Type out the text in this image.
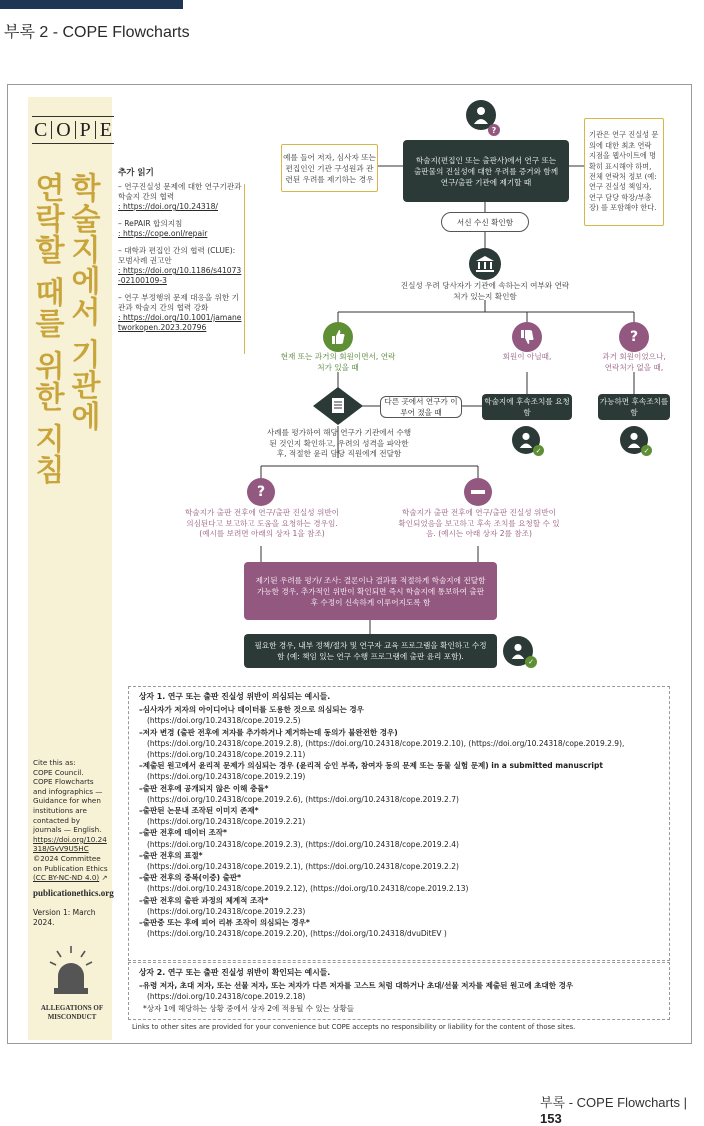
부록 2 - COPE Flowcharts
C O P E
학술지에서 기관에
연락할 때를 위한 지침
Cite this as:
COPE Council.
COPE Flowcharts
and infographics —
Guidance for when
institutions are
contacted by
journals — English.
https://doi.org/10.24318/GvV9U5HC
©2024 Committee on Publication Ethics
(CC BY-NC-ND 4.0) ↗
publicationethics.org
Version 1: March 2024.
ALLEGATIONS OF MISCONDUCT
추가 읽기
– 연구진실성 문제에 대한 연구기관과 학술지 간의 협력
: https://doi.org/10.24318/
– RePAIR 합의지침
: https://cope.onl/repair
– 대학과 편집인 간의 협력 (CLUE): 모범사례 권고안
: https://doi.org/10.1186/s41073-02100109-3
– 연구 부정행위 문제 대응을 위한 기관과 학술지 간의 협력 강화
: https://doi.org/10.1001/jamanetworkopen.2023.20796
?
예를 들어 저자, 심사자 또는 편집인인 기관 구성원과 관련된 우려를 제기하는 경우
학술지(편집인 또는 출판사)에서 연구 또는 출판물의 진실성에 대한 우려를 증거와 함께 연구/출판 기관에 제기할 때
기관은 연구 진실성 문의에 대한 최초 연락 지점을 웹사이트에 명확히 표시해야 하며, 전체 연락처 정보 (예: 연구 진실성 책임자, 연구 담당 학장/부총장) 를 포함해야 한다.
서신 수신 확인함
진실성 우려 당사자가 기관에 속하는지 여부와 연락처가 있는지 확인함
?
현재 또는 과거의 회원이면서, 연락처가 있을 때
회원이 아닐때,	과거 회원이었으나, 연락처가 없을 때,
다른 곳에서 연구가 이루어 졌을 때
학술지에 후속조치를 요청함
가능하면 후속조치를 함
✓	✓
사례를 평가하여 해당 연구가 기관에서 수행된 것인지 확인하고, 우려의 성격을 파악한 후, 적절한 윤리 담당 직원에게 전달함
?
학술지가 출판 전후에 연구/출판 진실성 위반이 의심된다고 보고하고 도움을 요청하는 경우임. (예시를 보려면 아래의 상자 1을 참조)
학술지가 출판 전후에 연구/출판 진실성 위반이 확인되었음을 보고하고 후속 조치를 요청할 수 있음. (예시는 아래 상자 2를 참조)
제기된 우려를 평가/ 조사: 결론이나 결과를 적절하게 학술지에 전달함 가능한 경우, 추가적인 위반이 확인되면 즉시 학술지에 통보하여 출판 후 수정이 신속하게 이루어지도록 함
필요한 경우, 내부 정책/절차 및 연구자 교육 프로그램을 확인하고 수정함 (예: 책임 있는 연구 수행 프로그램에 출판 윤리 포함).
✓
상자 1. 연구 또는 출판 진실성 위반이 의심되는 예시들.
–심사자가 저자의 아이디어나 데이터를 도용한 것으로 의심되는 경우
(https://doi.org/10.24318/cope.2019.2.5)
–저자 변경 (출판 전후에 저자를 추가하거나 제거하는데 동의가 불완전한 경우)
(https://doi.org/10.24318/cope.2019.2.8), (https://doi.org/10.24318/cope.2019.2.10), (https://doi.org/10.24318/cope.2019.2.9), (https://doi.org/10.24318/cope.2019.2.11)
–제출된 원고에서 윤리적 문제가 의심되는 경우 (윤리적 승인 부족, 참여자 동의 문제 또는 동물 실험 문제) in a submitted manuscript
(https://doi.org/10.24318/cope.2019.2.19)
–출판 전후에 공개되지 않은 이해 충돌*
(https://doi.org/10.24318/cope.2019.2.6), (https://doi.org/10.24318/cope.2019.2.7)
–출판된 논문내 조작된 이미지 존재*
(https://doi.org/10.24318/cope.2019.2.21)
–출판 전후에 데이터 조작*
(https://doi.org/10.24318/cope.2019.2.3), (https://doi.org/10.24318/cope.2019.2.4)
–출판 전후의 표절*
(https://doi.org/10.24318/cope.2019.2.1), (https://doi.org/10.24318/cope.2019.2.2)
–출판 전후의 중복(이중) 출판*
(https://doi.org/10.24318/cope.2019.2.12), (https://doi.org/10.24318/cope.2019.2.13)
–출판 전후의 출판 과정의 체계적 조작*
(https://doi.org/10.24318/cope.2019.2.23)
–출판중 또는 후에 피어 리뷰 조작이 의심되는 경우*
(https://doi.org/10.24318/cope.2019.2.20), (https://doi.org/10.24318/dvuDitEV )
상자 2. 연구 또는 출판 진실성 위반이 확인되는 예시들.
–유령 저자, 초대 저자, 또는 선물 저자, 또는 저자가 다른 저자를 고스트 처럼 대하거나 초대/선물 저자를 제출된 원고에 초대한 경우
(https://doi.org/10.24318/cope.2019.2.18)
*상자 1에 해당하는 상황 중에서 상자 2에 적용될 수 있는 상황들
Links to other sites are provided for your convenience but COPE accepts no responsibility or liability for the content of those sites.
부록 - COPE Flowcharts | 153
